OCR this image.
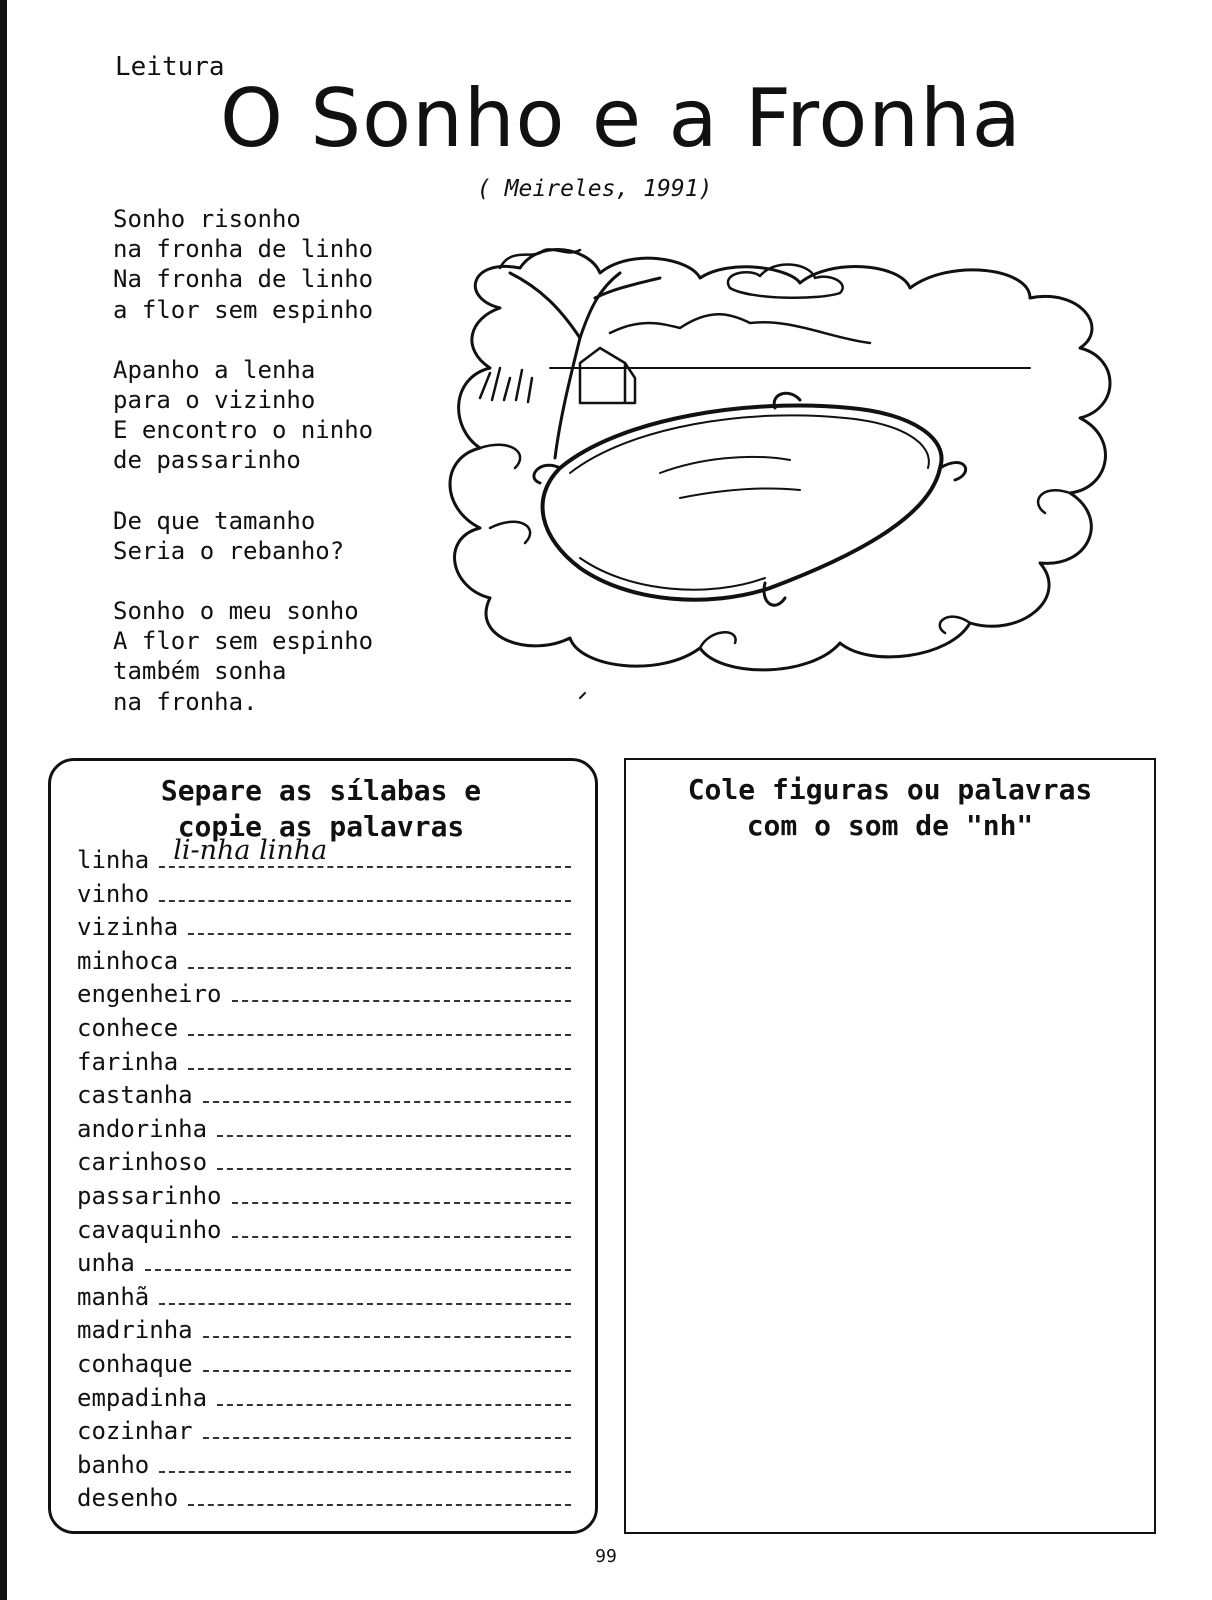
Leitura
O Sonho e a Fronha
( Meireles, 1991)
Sonho risonho
na fronha de linho
Na fronha de linho
a flor sem espinho
Apanho a lenha
para o vizinho
E encontro o ninho
de passarinho
De que tamanho
Seria o rebanho?
Sonho o meu sonho
A flor sem espinho
também sonha
na fronha.
Separe as sílabas e
copie as palavras
linha li-nha linha
vinho
vizinha
minhoca
engenheiro
conhece
farinha
castanha
andorinha
carinhoso
passarinho
cavaquinho
unha
manhã
madrinha
conhaque
empadinha
cozinhar
banho
desenho
Cole figuras ou palavras
com o som de "nh"
99
